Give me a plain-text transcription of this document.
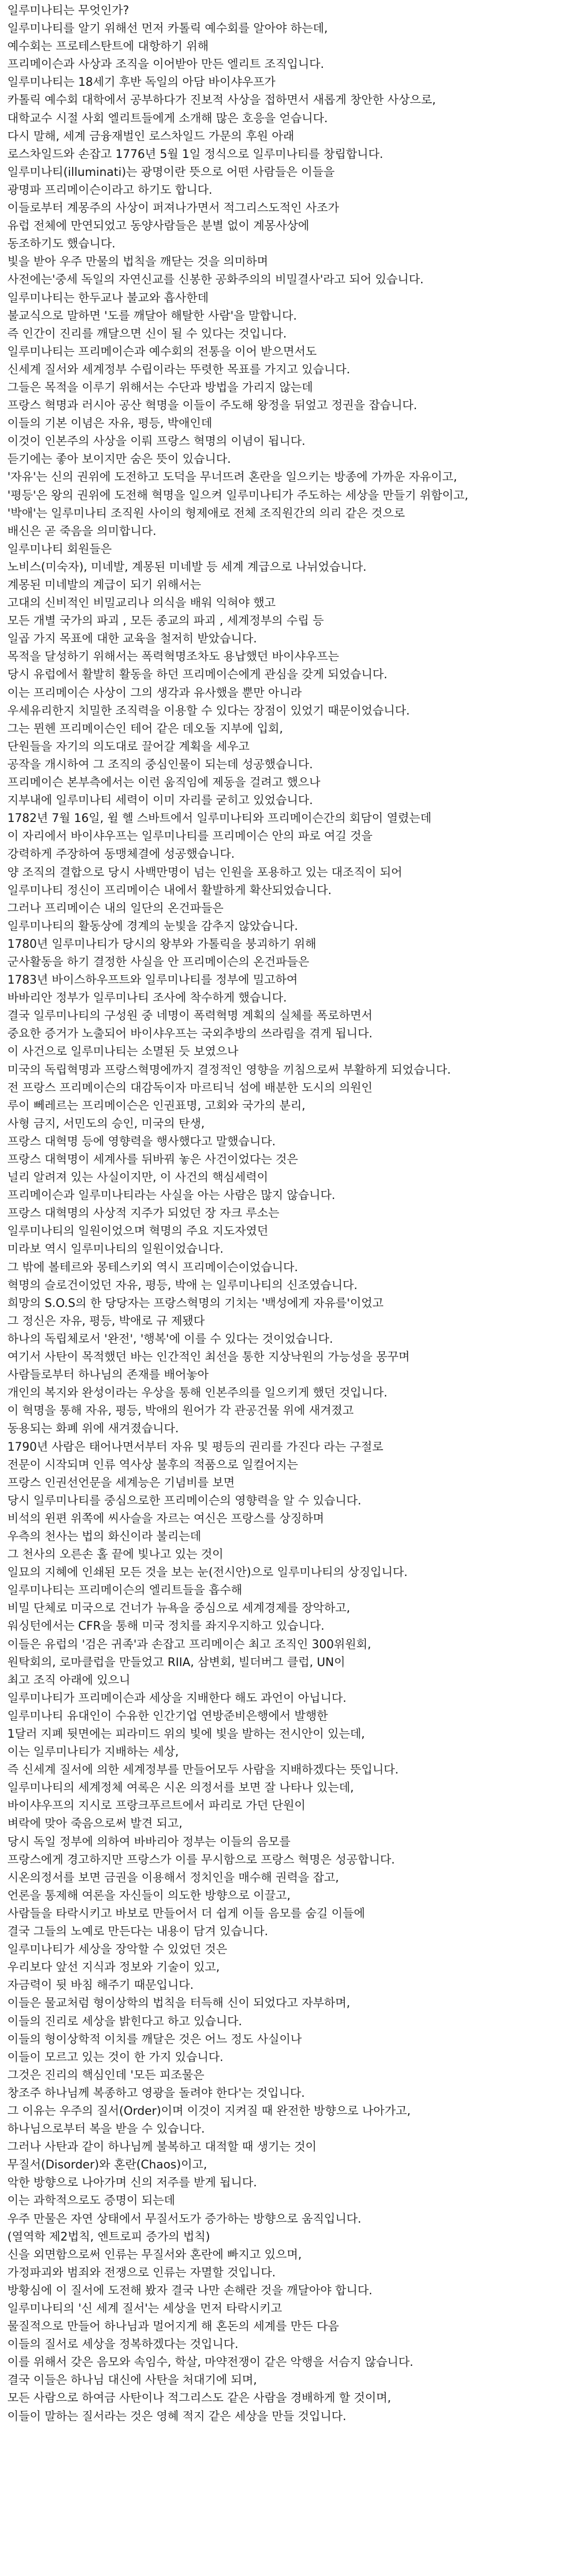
일루미나티는 무엇인가?

일루미나티를 알기 위해선 먼저 카톨릭 예수회를 알아야 하는데,

예수회는 프로테스탄트에 대항하기 위해

프리메이슨과 사상과 조직을 이어받아 만든 엘리트 조직입니다.

일루미나티는 18세기 후반 독일의 아담 바이샤우프가

카톨릭 예수회 대학에서 공부하다가 진보적 사상을 접하면서 새롭게 창안한 사상으로,

대학교수 시절 사회 엘리트들에게 소개해 많은 호응을 얻습니다.

다시 말해, 세계 금융재벌인 로스차일드 가문의 후원 아래

로스차일드와 손잡고 1776년 5월 1일 정식으로 일루미나티를 창립합니다.

일루미나티(illuminati)는 광명이란 뜻으로 어떤 사람들은 이들을

광명파 프리메이슨이라고 하기도 합니다.

이들로부터 계몽주의 사상이 퍼져나가면서 적그리스도적인 사조가

유럽 전체에 만연되었고 동양사람들은 분별 없이 계몽사상에

동조하기도 했습니다.

빛을 받아 우주 만물의 법칙을 깨닫는 것을 의미하며

사전에는'중세 독일의 자연신교를 신봉한 공화주의의 비밀결사'라고 되어 있습니다.

일루미나티는 한두교나 불교와 흡사한데

불교식으로 말하면 '도를 깨달아 해탈한 사람'을 말합니다.

즉 인간이 진리를 깨달으면 신이 될 수 있다는 것입니다.

일루미나티는 프리메이슨과 예수회의 전통을 이어 받으면서도

신세계 질서와 세계정부 수립이라는 뚜렷한 목표를 가지고 있습니다.

그들은 목적을 이루기 위해서는 수단과 방법을 가리지 않는데

프랑스 혁명과 러시아 공산 혁명을 이들이 주도해 왕정을 뒤엎고 정권을 잡습니다.

이들의 기본 이념은 자유, 평등, 박애인데

이것이 인본주의 사상을 이뤄 프랑스 혁명의 이념이 됩니다.

듣기에는 좋아 보이지만 숨은 뜻이 있습니다.

'자유'는 신의 권위에 도전하고 도덕을 무너뜨려 혼란을 일으키는 방종에 가까운 자유이고,

'평등'은 왕의 권위에 도전해 혁명을 일으켜 일루미나티가 주도하는 세상을 만들기 위함이고,

'박애'는 일루미나티 조직원 사이의 형제애로 전체 조직원간의 의리 같은 것으로

배신은 곧 죽음을 의미합니다.

일루미나티 회원들은

노비스(미숙자), 미네발, 계몽된 미네발 등 세계 계급으로 나뉘었습니다.

계몽된 미네발의 계급이 되기 위해서는

고대의 신비적인 비밀교리나 의식을 배워 익혀야 했고

모든 개별 국가의 파괴 , 모든 종교의 파괴 , 세계정부의 수립 등

일곱 가지 목표에 대한 교육을 철저히 받았습니다.

목적을 달성하기 위해서는 폭력혁명조차도 용납했던 바이샤우프는

당시 유럽에서 활발히 활동을 하던 프리메이슨에게 관심을 갖게 되었습니다.

이는 프리메이슨 사상이 그의 생각과 유사했을 뿐만 아니라

우세유리한지 치밀한 조직력을 이용할 수 있다는 장점이 있었기 때문이었습니다.

그는 뮌헨 프리메이슨인 테어 같은 데오돌 지부에 입회,

단원들을 자기의 의도대로 끌어갈 계획을 세우고

공작을 개시하여 그 조직의 중심인물이 되는데 성공했습니다.

프리메이슨 본부측에서는 이런 움직임에 제동을 걸려고 했으나

지부내에 일루미나티 세력이 이미 자리를 굳히고 있었습니다.

1782년 7월 16일, 윌 헬 스바트에서 일루미나티와 프리메이슨간의 회담이 열렸는데

이 자리에서 바이샤우프는 일루미나티를 프리메이슨 안의 파로 여길 것을

강력하게 주장하여 동맹체결에 성공했습니다.

양 조직의 결합으로 당시 사백만명이 넘는 인원을 포용하고 있는 대조직이 되어

일루미나티 정신이 프리메이슨 내에서 활발하게 확산되었습니다.

그러나 프리메이슨 내의 일단의 온건파들은

일루미나티의 활동상에 경계의 눈빛을 감추지 않았습니다.

1780년 일루미나티가 당시의 왕부와 가톨릭을 붕괴하기 위해

군사활동을 하기 결정한 사실을 안 프리메이슨의 온건파들은

1783년 바이스하우프트와 일루미나티를 정부에 밀고하여

바바리안 정부가 일루미나티 조사에 착수하게 했습니다.

결국 일루미나티의 구성원 중 네명이 폭력혁명 계획의 실체를 폭로하면서

중요한 증거가 노출되어 바이샤우프는 국외추방의 쓰라림을 겪게 됩니다.

이 사건으로 일루미나티는 소멸된 듯 보였으나

미국의 독립혁명과 프랑스혁명에까지 결정적인 영향을 끼침으로써 부활하게 되었습니다.

전 프랑스 프리메이슨의 대감독이자 마르티닉 섬에 배분한 도시의 의원인

루이 뻬레르는 프리메이슨은 인권표명, 고회와 국가의 분리,

사형 금지, 서민도의 승인, 미국의 탄생,

프랑스 대혁명 등에 영향력을 행사했다고 말했습니다.

프랑스 대혁명이 세계사를 뒤바꿔 놓은 사건이었다는 것은

널리 알려져 있는 사실이지만, 이 사건의 핵심세력이

프리메이슨과 일루미나티라는 사실을 아는 사람은 많지 않습니다.

프랑스 대혁명의 사상적 지주가 되었던 장 자크 루소는

일루미나티의 일원이었으며 혁명의 주요 지도자였던

미라보 역시 일루미나티의 일원이었습니다.

그 밖에 볼테르와 몽테스키외 역시 프리메이슨이었습니다.

혁명의 슬로건이었던 자유, 평등, 박애 는 일루미나티의 신조였습니다.

희망의 S.O.S의 한 당당자는 프랑스혁명의 기치는 '백성에게 자유를'이었고

그 정신은 자유, 평등, 박애로 규 제됐다

하나의 독립체로서 '완전', '행복'에 이를 수 있다는 것이었습니다.

여기서 사탄이 목적했던 바는 인간적인 최선을 통한 지상낙원의 가능성을 몽꾸며

사람들로부터 하나님의 존재를 배어놓아

개인의 복지와 완성이라는 우상을 통해 인본주의를 일으키게 했던 것입니다.

이 혁명을 통해 자유, 평등, 박애의 원어가 각 관공건물 위에 새겨졌고

동용되는 화폐 위에 새겨졌습니다.

1790년 사람은 태어나면서부터 자유 및 평등의 권리를 가진다 라는 구절로

전문이 시작되며 인류 역사상 불후의 적품으로 일컬어지는

프랑스 인권선언문을 세계능은 기념비를 보면

당시 일루미나티를 중심으로한 프리메이슨의 영향력을 알 수 있습니다.

비석의 윈편 위쪽에 씨사슬을 자르는 여신은 프랑스를 상징하며

우측의 천사는 법의 화신이라 불리는데

그 천사의 오른손 홀 끝에 빛나고 있는 것이

일묘의 지혜에 인쇄된 모든 것을 보는 눈(전시안)으로 일루미나티의 상징입니다.

일루미나티는 프리메이슨의 엘리트들을 흡수해

비밀 단체로 미국으로 건너가 뉴욕을 중심으로 세계경제를 장악하고,

워싱턴에서는 CFR을 통해 미국 정치를 좌지우지하고 있습니다.

이들은 유럽의 '검은 귀족'과 손잡고 프리메이슨 최고 조직인 300위원회,

원탁회의, 로마클럽을 만들었고 RIIA, 삼변회, 빌더버그 클럽, UN이

최고 조직 아래에 있으니

일루미나티가 프리메이슨과 세상을 지배한다 해도 과언이 아닙니다.

일루미나티 유대인이 수유한 인간기업 연방준비은행에서 발행한

1달러 지폐 뒷면에는 피라미드 위의 빛에 빛을 발하는 전시안이 있는데,

이는 일루미나티가 지배하는 세상,

즉 신세계 질서에 의한 세계정부를 만들어모두 사람을 지배하겠다는 뜻입니다.

일루미나티의 세계정체 여록은 시온 의정서를 보면 잘 나타나 있는데,

바이샤우프의 지시로 프랑크푸르트에서 파리로 가던 단원이

벼락에 맞아 죽음으로써 발견 되고,

당시 독일 정부에 의하여 바바리아 정부는 이들의 음모를

프랑스에게 경고하지만 프랑스가 이를 무시함으로 프랑스 혁명은 성공합니다.

시온의정서를 보면 금권을 이용해서 정치인을 매수해 권력을 잡고,

언론을 통제해 여론을 자신들이 의도한 방향으로 이끌고,

사람들을 타락시키고 바보로 만들어서 더 쉽게 이들 음모를 숨길 이들에

결국 그들의 노예로 만든다는 내용이 담겨 있습니다.

일루미나티가 세상을 장악할 수 있었던 것은

우리보다 앞선 지식과 정보와 기술이 있고,

자금력이 뒷 바침 해주기 때문입니다.

이들은 물교처럼 형이상학의 법칙을 터득해 신이 되었다고 자부하며,

이들의 진리로 세상을 밝힌다고 하고 있습니다.

이들의 형이상학적 이치를 깨달은 것은 어느 정도 사실이나

이들이 모르고 있는 것이 한 가지 있습니다.

그것은 진리의 핵심인데 '모든 피조물은

창조주 하나님께 복종하고 영광을 돌려야 한다'는 것입니다.

그 이유는 우주의 질서(Order)이며 이것이 지켜질 때 완전한 방향으로 나아가고,

하나님으로부터 복을 받을 수 있습니다.

그러나 사탄과 같이 하나님께 불복하고 대적할 때 생기는 것이

무질서(Disorder)와 혼란(Chaos)이고,

악한 방향으로 나아가며 신의 저주를 받게 됩니다.

이는 과학적으로도 증명이 되는데

우주 만물은 자연 상태에서 무질서도가 증가하는 방향으로 움직입니다.

(열역학 제2법칙, 엔트로피 증가의 법칙)

신을 외면함으로써 인류는 무질서와 혼란에 빠지고 있으며,

가정파괴와 범죄와 전쟁으로 인류는 자멸할 것입니다.

방황심에 이 질서에 도전해 봤자 결국 나만 손해란 것을 깨달아야 합니다.

일루미나티의 '신 세계 질서'는 세상을 먼저 타락시키고

물질적으로 만들어 하나님과 멀어지게 해 혼돈의 세계를 만든 다음

이들의 질서로 세상을 정복하겠다는 것입니다.

이를 위해서 갖은 음모와 속임수, 학살, 마약전쟁이 같은 악행을 서슴지 않습니다.

결국 이들은 하나님 대신에 사탄을 처대기에 되며,

모든 사람으로 하여금 사탄이나 적그리스도 같은 사람을 경배하게 할 것이며,

이들이 말하는 질서라는 것은 영혜 적지 같은 세상을 만들 것입니다.
